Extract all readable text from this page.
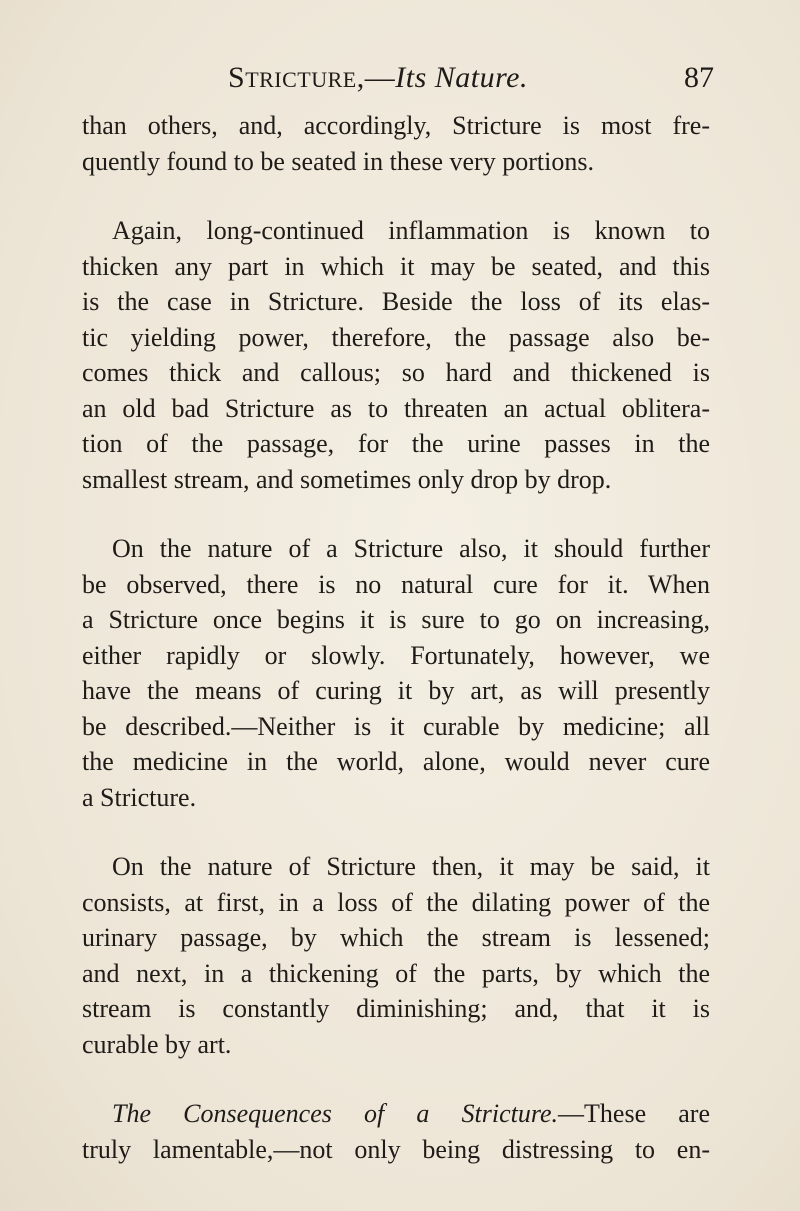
STRICTURE,—Its Nature.	87
than others, and, accordingly, Stricture is most fre-
quently found to be seated in these very portions.
Again, long-continued inflammation is known to
thicken any part in which it may be seated, and this
is the case in Stricture. Beside the loss of its elas-
tic yielding power, therefore, the passage also be-
comes thick and callous; so hard and thickened is
an old bad Stricture as to threaten an actual oblitera-
tion of the passage, for the urine passes in the
smallest stream, and sometimes only drop by drop.
On the nature of a Stricture also, it should further
be observed, there is no natural cure for it. When
a Stricture once begins it is sure to go on increasing,
either rapidly or slowly. Fortunately, however, we
have the means of curing it by art, as will presently
be described.—Neither is it curable by medicine; all
the medicine in the world, alone, would never cure
a Stricture.
On the nature of Stricture then, it may be said, it
consists, at first, in a loss of the dilating power of the
urinary passage, by which the stream is lessened;
and next, in a thickening of the parts, by which the
stream is constantly diminishing; and, that it is
curable by art.
The Consequences of a Stricture.—These are
truly lamentable,—not only being distressing to en-
